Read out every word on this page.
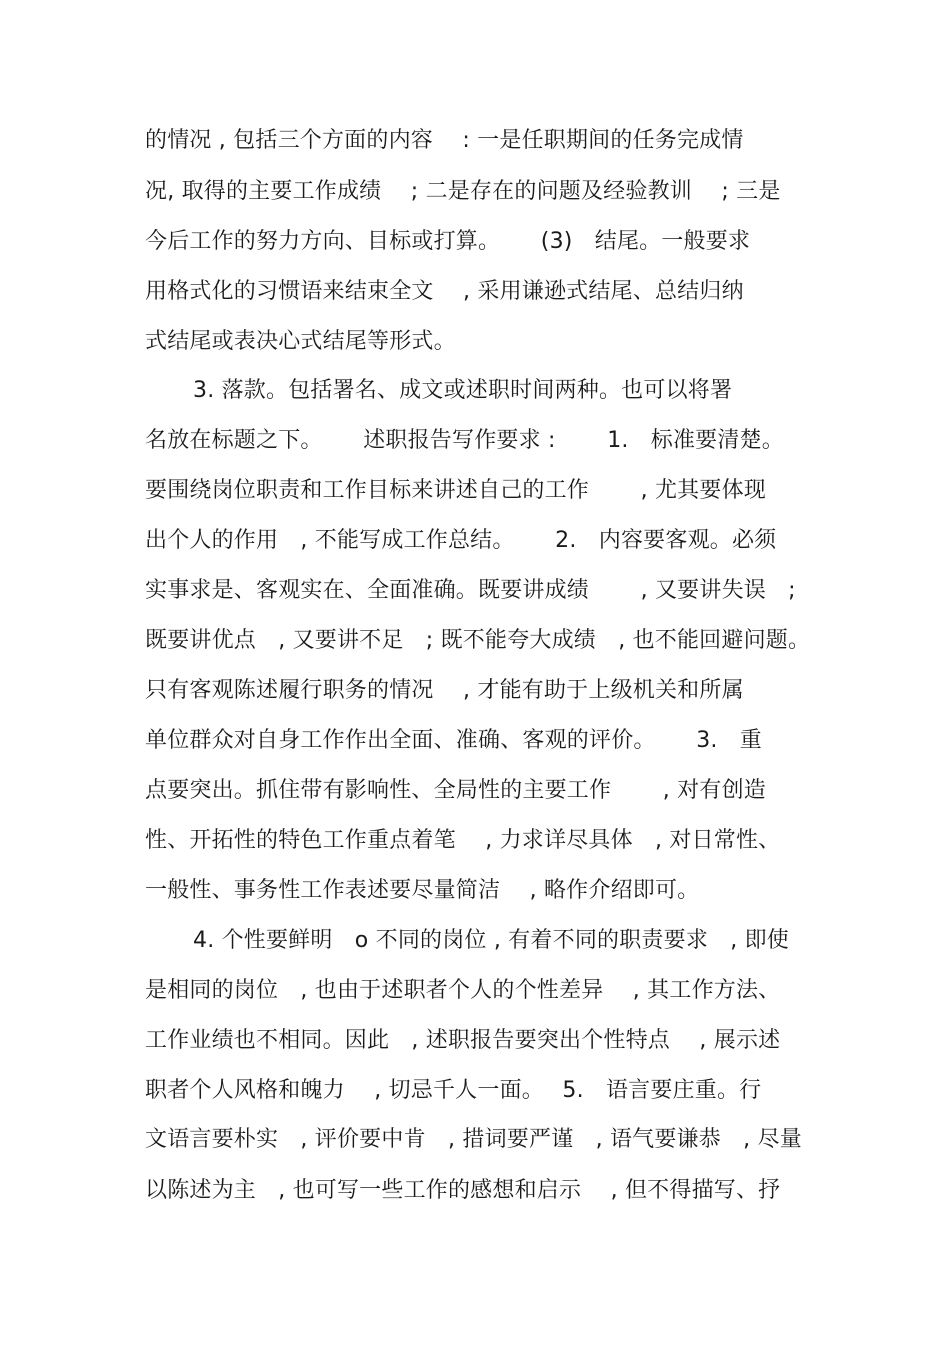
的情况 , 包括三个方面的内容　 : 一是任职期间的任务完成情
况, 取得的主要工作成绩　 ; 二是存在的问题及经验教训　 ; 三是
今后工作的努力方向、目标或打算。　　 (3)　结尾。一般要求
用格式化的习惯语来结束全文　 , 采用谦逊式结尾、总结归纳
式结尾或表决心式结尾等形式。
3. 落款。包括署名、成文或述职时间两种。也可以将署
名放在标题之下。　　 述职报告写作要求 :　　 1.　标准要清楚。
要围绕岗位职责和工作目标来讲述自己的工作　　 , 尤其要体现
出个人的作用　, 不能写成工作总结。　　 2.　内容要客观。必须
实事求是、客观实在、全面准确。既要讲成绩　　 , 又要讲失误　;
既要讲优点　, 又要讲不足　; 既不能夸大成绩　, 也不能回避问题。
只有客观陈述履行职务的情况　 , 才能有助于上级机关和所属
单位群众对自身工作作出全面、准确、客观的评价。　　 3.　重
点要突出。抓住带有影响性、全局性的主要工作　　 , 对有创造
性、开拓性的特色工作重点着笔　 , 力求详尽具体　, 对日常性、
一般性、事务性工作表述要尽量简洁　 , 略作介绍即可。
4. 个性要鲜明　o 不同的岗位 , 有着不同的职责要求　, 即使
是相同的岗位　, 也由于述职者个人的个性差异　 , 其工作方法、
工作业绩也不相同。因此　, 述职报告要突出个性特点　 , 展示述
职者个人风格和魄力　 , 切忌千人一面。　 5.　语言要庄重。行
文语言要朴实　, 评价要中肯　, 措词要严谨　, 语气要谦恭　, 尽量
以陈述为主　, 也可写一些工作的感想和启示　 , 但不得描写、抒
